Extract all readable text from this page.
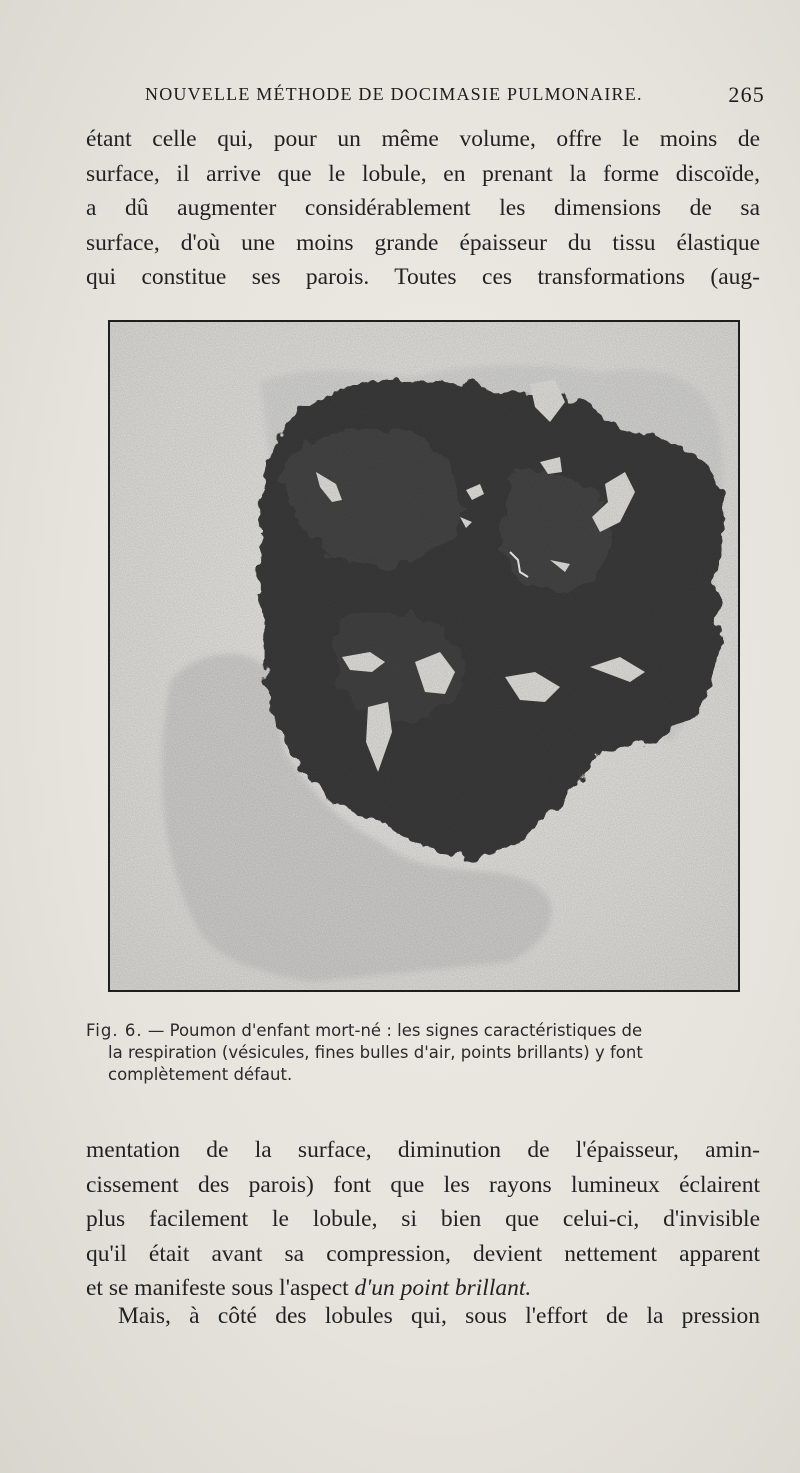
NOUVELLE MÉTHODE DE DOCIMASIE PULMONAIRE.	265
étant celle qui, pour un même volume, offre le moins de
surface, il arrive que le lobule, en prenant la forme discoïde,
a dû augmenter considérablement les dimensions de sa
surface, d'où une moins grande épaisseur du tissu élastique
qui constitue ses parois. Toutes ces transformations (aug-
Fig. 6. — Poumon d'enfant mort-né : les signes caractéristiques de
la respiration (vésicules, fines bulles d'air, points brillants) y font
complètement défaut.
mentation de la surface, diminution de l'épaisseur, amin-
cissement des parois) font que les rayons lumineux éclairent
plus facilement le lobule, si bien que celui-ci, d'invisible
qu'il était avant sa compression, devient nettement apparent
et se manifeste sous l'aspect d'un point brillant.
Mais, à côté des lobules qui, sous l'effort de la pression
